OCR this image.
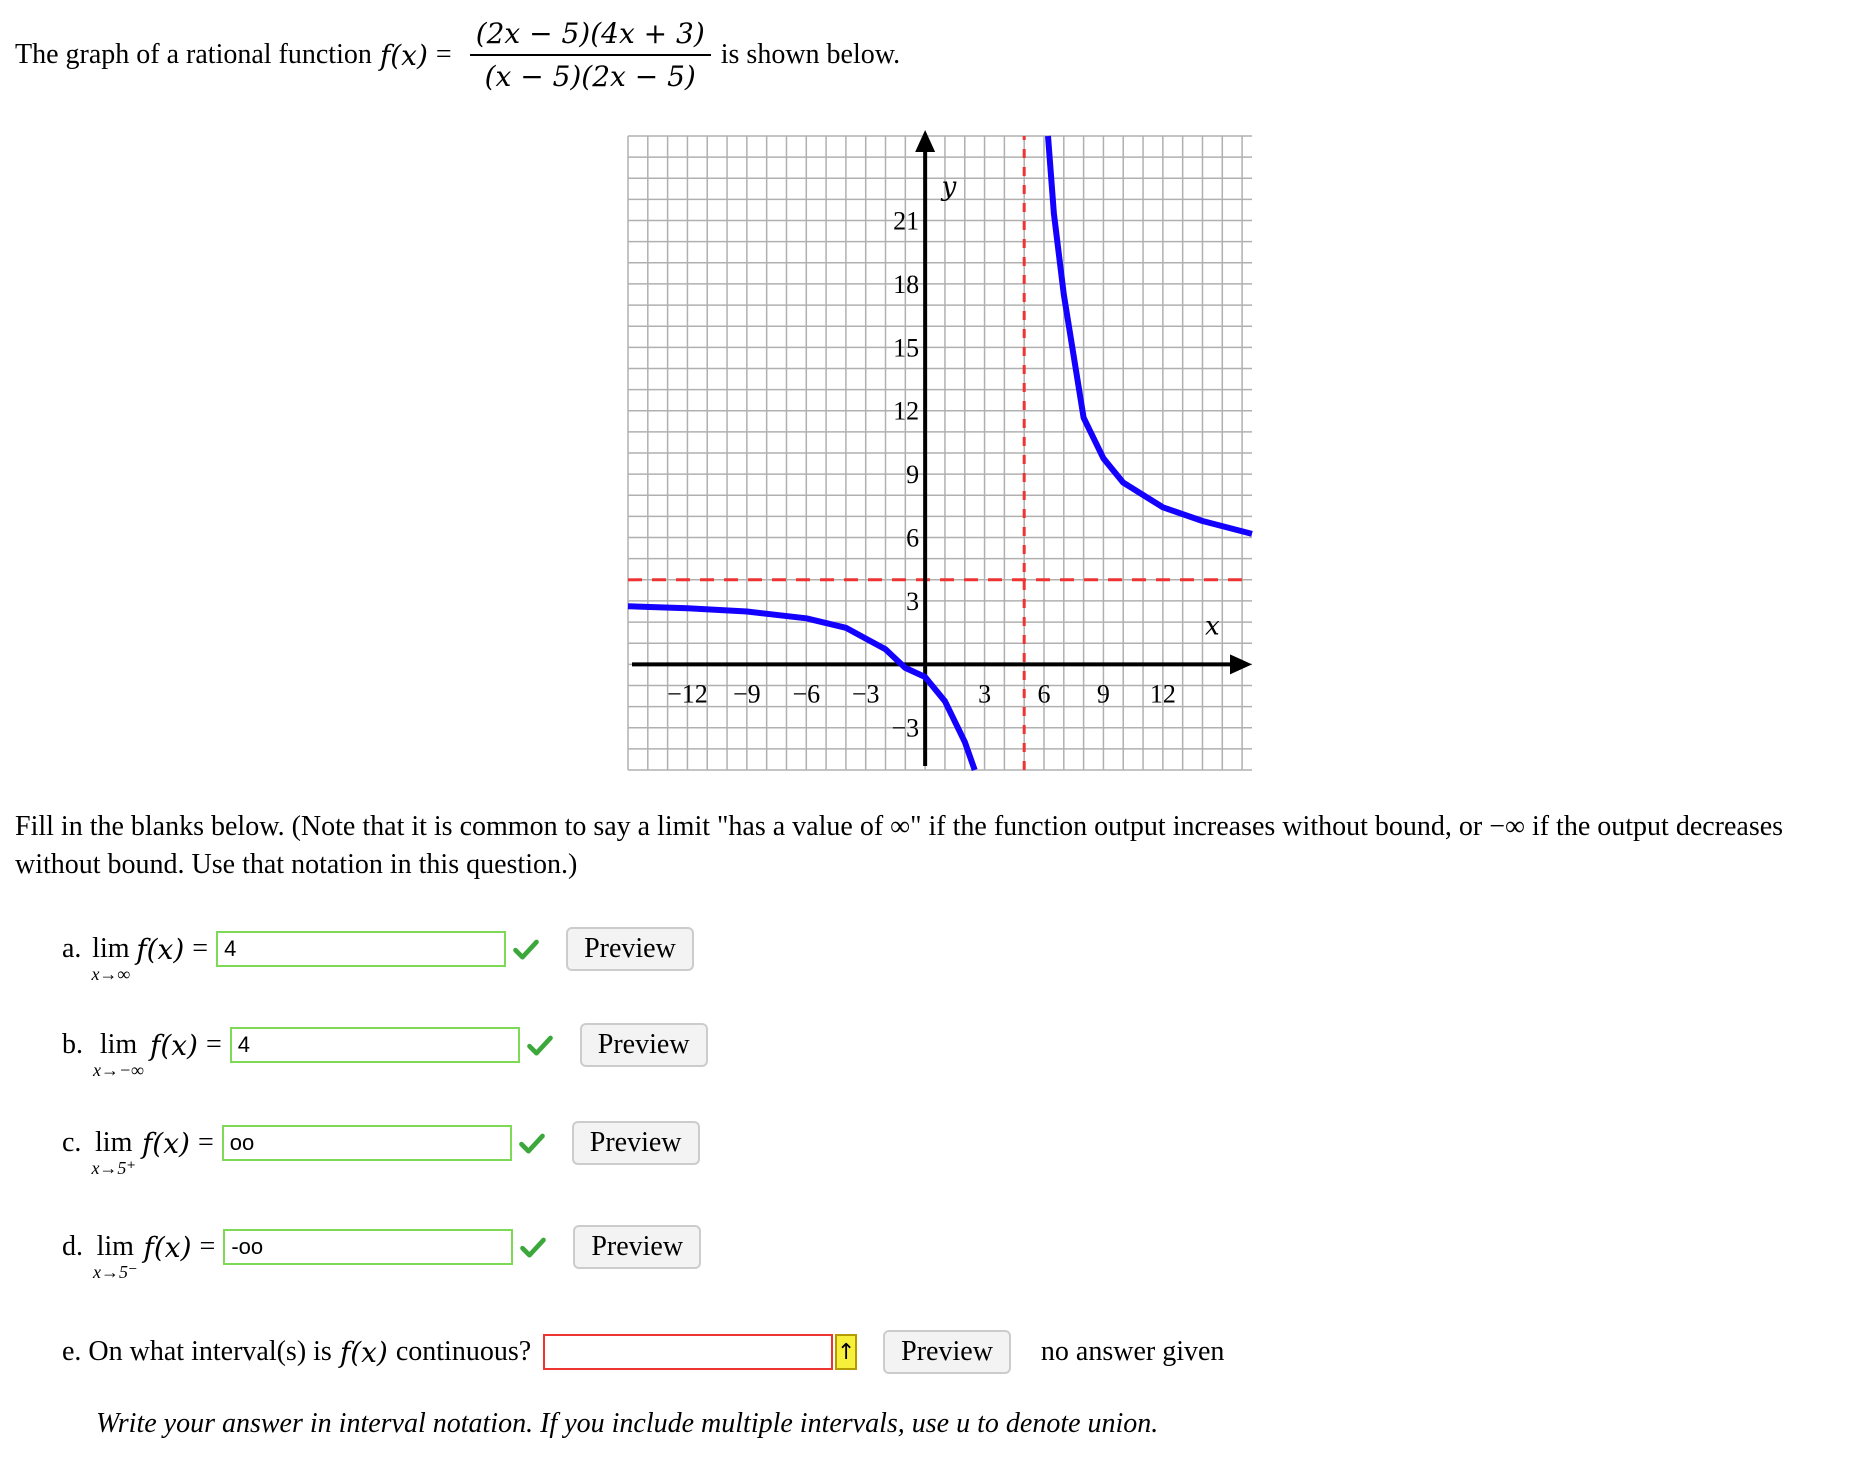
The graph of a rational function $f(x) = \frac{(2x - 5)(4x + 3)}{(x - 5)(2x - 5)}$ is shown below.
x
y
−12 −9 −6 −3	3 6 9 12
21
18
15
12
9
6
3
−3
Fill in the blanks below. (Note that it is common to say a limit "has a value of ∞" if the function output increases without bound, or −∞ if the output decreases without bound. Use that notation in this question.)
a. lim
x→∞
f(x) =
4	Preview
b. lim
x→−∞
f(x) =
4	Preview
c. lim
x→5⁺
f(x) =
oo	Preview
d. lim
x→5⁻
f(x) =
-oo	Preview
e. On what interval(s) is f(x) continuous?	↑	Preview	no answer given
Write your answer in interval notation. If you include multiple intervals, use u to denote union.
